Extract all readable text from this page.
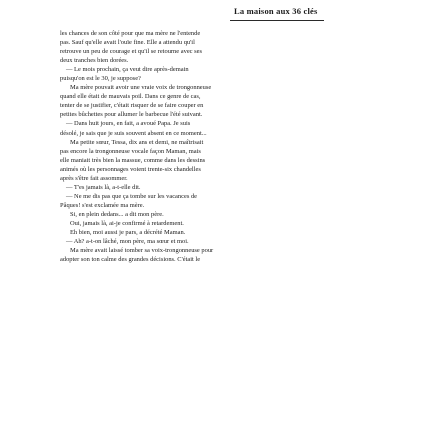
La maison aux 36 clés
les chances de son côté pour que ma mère ne l'entende
pas. Sauf qu'elle avait l'ouïe fine. Elle a attendu qu'il
retrouve un peu de courage et qu'il se retourne avec ses
deux tranches bien dorées.
— Le mois prochain, ça veut dire après-demain
puisqu'on est le 30, je suppose?
Ma mère pouvait avoir une vraie voix de trongonneuse
quand elle était de mauvais poil. Dans ce genre de cas,
tenter de se justifier, c'était risquer de se faire couper en
petites bûchettes pour allumer le barbecue l'été suivant.
— Dans huit jours, en fait, a avoué Papa. Je suis
désolé, je sais que je suis souvent absent en ce moment...
Ma petite sœur, Tessa, dix ans et demi, ne maîtrisait
pas encore la trongonneuse vocale façon Maman, mais
elle maniait très bien la massue, comme dans les dessins
animés où les personnages voient trente-six chandelles
après s'être fait assommer.
— T'es jamais là, a-t-elle dit.
— Ne me dis pas que ça tombe sur les vacances de
Pâques! s'est exclamée ma mère.
Si, en plein dedans... a dit mon père.
Oui, jamais là, ai-je confirmé à retardement.
Eh bien, moi aussi je pars, a décrété Maman.
— Ah? a-t-on lâché, mon père, ma sœur et moi.
Ma mère avait laissé tomber sa voix-trongonneuse pour
adopter son ton calme des grandes décisions. C'était le
